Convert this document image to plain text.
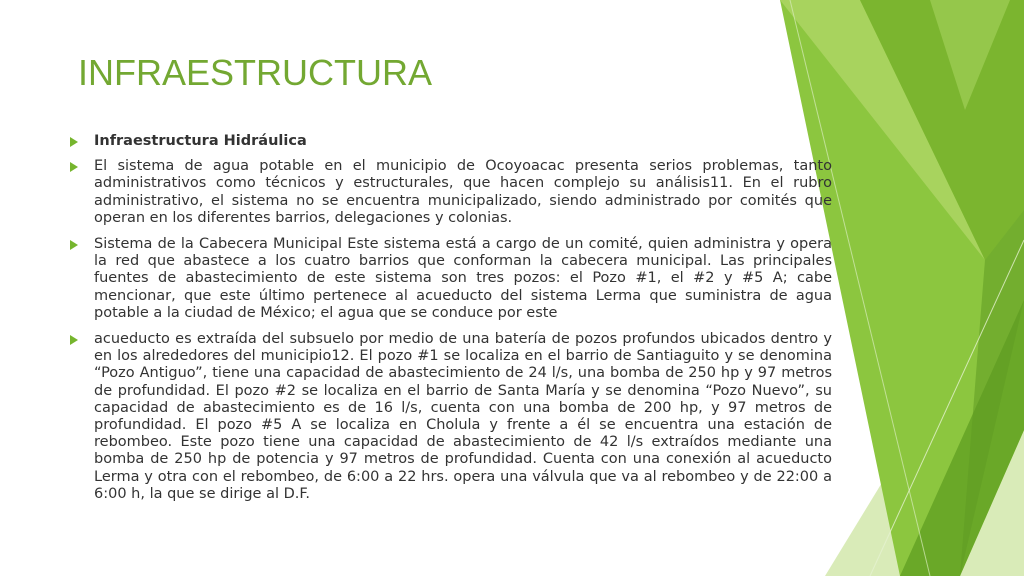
INFRAESTRUCTURA
Infraestructura Hidráulica
El sistema de agua potable en el municipio de Ocoyoacac presenta serios problemas, tanto administrativos como técnicos y estructurales, que hacen complejo su análisis11. En el rubro administrativo, el sistema no se encuentra municipalizado, siendo administrado por comités que operan en los diferentes barrios, delegaciones y colonias.
Sistema de la Cabecera Municipal Este sistema está a cargo de un comité, quien administra y opera la red que abastece a los cuatro barrios que conforman la cabecera municipal. Las principales fuentes de abastecimiento de este sistema son tres pozos: el Pozo #1, el #2 y #5 A; cabe mencionar, que este último pertenece al acueducto del sistema Lerma que suministra de agua potable a la ciudad de México; el agua que se conduce por este
acueducto es extraída del subsuelo por medio de una batería de pozos profundos ubicados dentro y en los alrededores del municipio12. El pozo #1 se localiza en el barrio de Santiaguito y se denomina “Pozo Antiguo”, tiene una capacidad de abastecimiento de 24 l/s, una bomba de 250 hp y 97 metros de profundidad. El pozo #2 se localiza en el barrio de Santa María y se denomina “Pozo Nuevo”, su capacidad de abastecimiento es de 16 l/s, cuenta con una bomba de 200 hp, y 97 metros de profundidad. El pozo #5 A se localiza en Cholula y frente a él se encuentra una estación de rebombeo. Este pozo tiene una capacidad de abastecimiento de 42 l/s extraídos mediante una bomba de 250 hp de potencia y 97 metros de profundidad. Cuenta con una conexión al acueducto Lerma y otra con el rebombeo, de 6:00 a 22 hrs. opera una válvula que va al rebombeo y de 22:00 a 6:00 h, la que se dirige al D.F.
